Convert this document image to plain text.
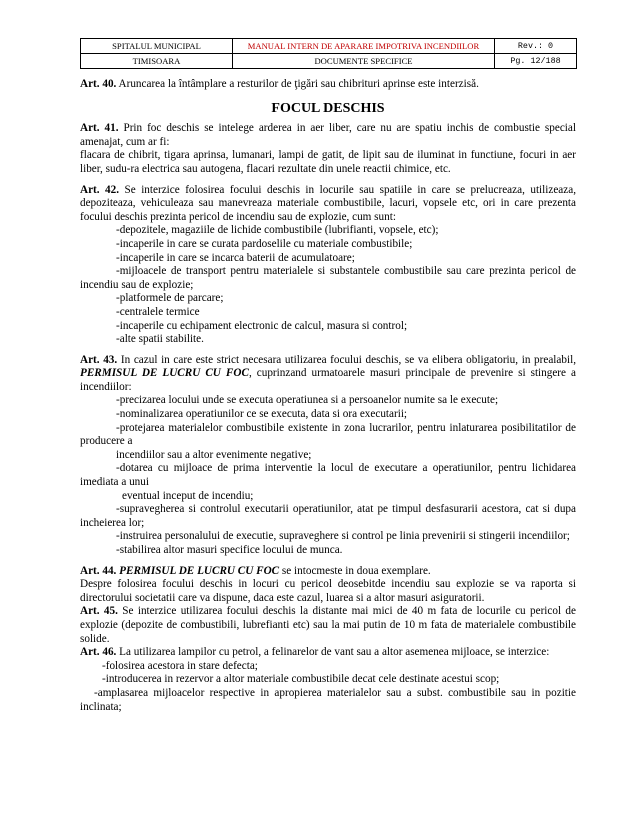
SPITALUL MUNICIPAL	MANUAL INTERN DE APARARE IMPOTRIVA INCENDIILOR	Rev.: 0
TIMISOARA	DOCUMENTE SPECIFICE	Pg. 12/188

Art. 40. Aruncarea la întâmplare a resturilor de ţigări sau chibrituri aprinse este interzisă.

FOCUL DESCHIS

Art. 41. Prin foc deschis se intelege arderea in aer liber, care nu are spatiu inchis de combustie special amenajat, cum ar fi:

flacara de chibrit, tigara aprinsa, lumanari, lampi de gatit, de lipit sau de iluminat in functiune, focuri in aer liber, sudu-ra electrica sau autogena, flacari rezultate din unele reactii chimice, etc.

Art. 42. Se interzice folosirea focului deschis in locurile sau spatiile in care se prelucreaza, utilizeaza, depoziteaza, vehiculeaza sau manevreaza materiale combustibile, lacuri, vopsele etc, ori in care prezenta focului deschis prezinta pericol de incendiu sau de explozie, cum sunt:

-depozitele, magaziile de lichide combustibile (lubrifianti, vopsele, etc);

-incaperile in care se curata pardoselile cu materiale combustibile;

-incaperile in care se incarca baterii de acumulatoare;

-mijloacele de transport pentru materialele si substantele combustibile sau care prezinta pericol de incendiu sau de explozie;

-platformele de parcare;

-centralele termice

-incaperile cu echipament electronic de calcul, masura si control;

-alte spatii stabilite.

Art. 43. In cazul in care este strict necesara utilizarea focului deschis, se va elibera obligatoriu, in prealabil, PERMISUL DE LUCRU CU FOC, cuprinzand urmatoarele masuri principale de prevenire si stingere a incendiilor:

-precizarea locului unde se executa operatiunea si a persoanelor numite sa le execute;

-nominalizarea operatiunilor ce se executa, data si ora executarii;

-protejarea materialelor combustibile existente in zona lucrarilor, pentru inlaturarea posibilitatilor de producere a

incendiilor sau a altor evenimente negative;

-dotarea cu mijloace de prima interventie la locul de executare a operatiunilor, pentru lichidarea imediata a unui

eventual inceput de incendiu;

-supravegherea si controlul executarii operatiunilor, atat pe timpul desfasurarii acestora, cat si dupa incheierea lor;

-instruirea personalului de executie, supraveghere si control pe linia prevenirii si stingerii incendiilor;

-stabilirea altor masuri specifice locului de munca.

Art. 44. PERMISUL DE LUCRU CU FOC se intocmeste in doua exemplare.

Despre folosirea focului deschis in locuri cu pericol deosebitde incendiu sau explozie se va raporta si directorului societatii care va dispune, daca este cazul, luarea si a altor masuri asiguratorii.

Art. 45. Se interzice utilizarea focului deschis la distante mai mici de 40 m fata de locurile cu pericol de explozie (depozite de combustibili, lubrefianti etc) sau la mai putin de 10 m fata de materialele combustibile solide.

Art. 46. La utilizarea lampilor cu petrol, a felinarelor de vant sau a altor asemenea mijloace, se interzice:

-folosirea acestora in stare defecta;

-introducerea in rezervor a altor materiale combustibile decat cele destinate acestui scop;

-amplasarea mijloacelor respective in apropierea materialelor sau a subst. combustibile sau in pozitie inclinata;
